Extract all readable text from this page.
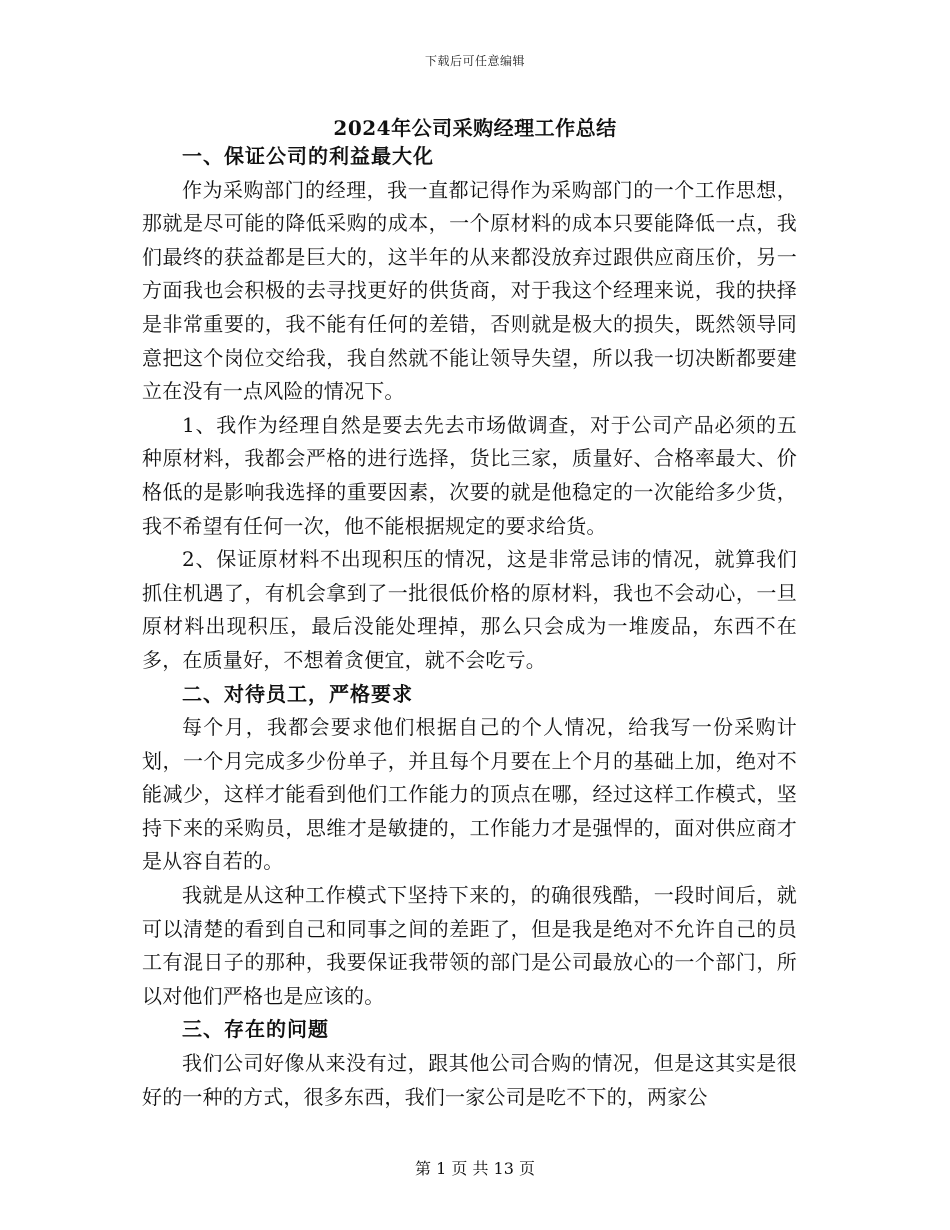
下载后可任意编辑
2024年公司采购经理工作总结
一、保证公司的利益最大化

作为采购部门的经理，我一直都记得作为采购部门的一个工作思想，那就是尽可能的降低采购的成本，一个原材料的成本只要能降低一点，我们最终的获益都是巨大的，这半年的从来都没放弃过跟供应商压价，另一方面我也会积极的去寻找更好的供货商，对于我这个经理来说，我的抉择是非常重要的，我不能有任何的差错，否则就是极大的损失，既然领导同意把这个岗位交给我，我自然就不能让领导失望，所以我一切决断都要建立在没有一点风险的情况下。

1、我作为经理自然是要去先去市场做调查，对于公司产品必须的五种原材料，我都会严格的进行选择，货比三家，质量好、合格率最大、价格低的是影响我选择的重要因素，次要的就是他稳定的一次能给多少货，我不希望有任何一次，他不能根据规定的要求给货。

2、保证原材料不出现积压的情况，这是非常忌讳的情况，就算我们抓住机遇了，有机会拿到了一批很低价格的原材料，我也不会动心，一旦原材料出现积压，最后没能处理掉，那么只会成为一堆废品，东西不在多，在质量好，不想着贪便宜，就不会吃亏。

二、对待员工，严格要求

每个月，我都会要求他们根据自己的个人情况，给我写一份采购计划，一个月完成多少份单子，并且每个月要在上个月的基础上加，绝对不能减少，这样才能看到他们工作能力的顶点在哪，经过这样工作模式，坚持下来的采购员，思维才是敏捷的，工作能力才是强悍的，面对供应商才是从容自若的。

我就是从这种工作模式下坚持下来的，的确很残酷，一段时间后，就可以清楚的看到自己和同事之间的差距了，但是我是绝对不允许自己的员工有混日子的那种，我要保证我带领的部门是公司最放心的一个部门，所以对他们严格也是应该的。

三、存在的问题

我们公司好像从来没有过，跟其他公司合购的情况，但是这其实是很好的一种的方式，很多东西，我们一家公司是吃不下的，两家公

第 1 页 共 13 页
